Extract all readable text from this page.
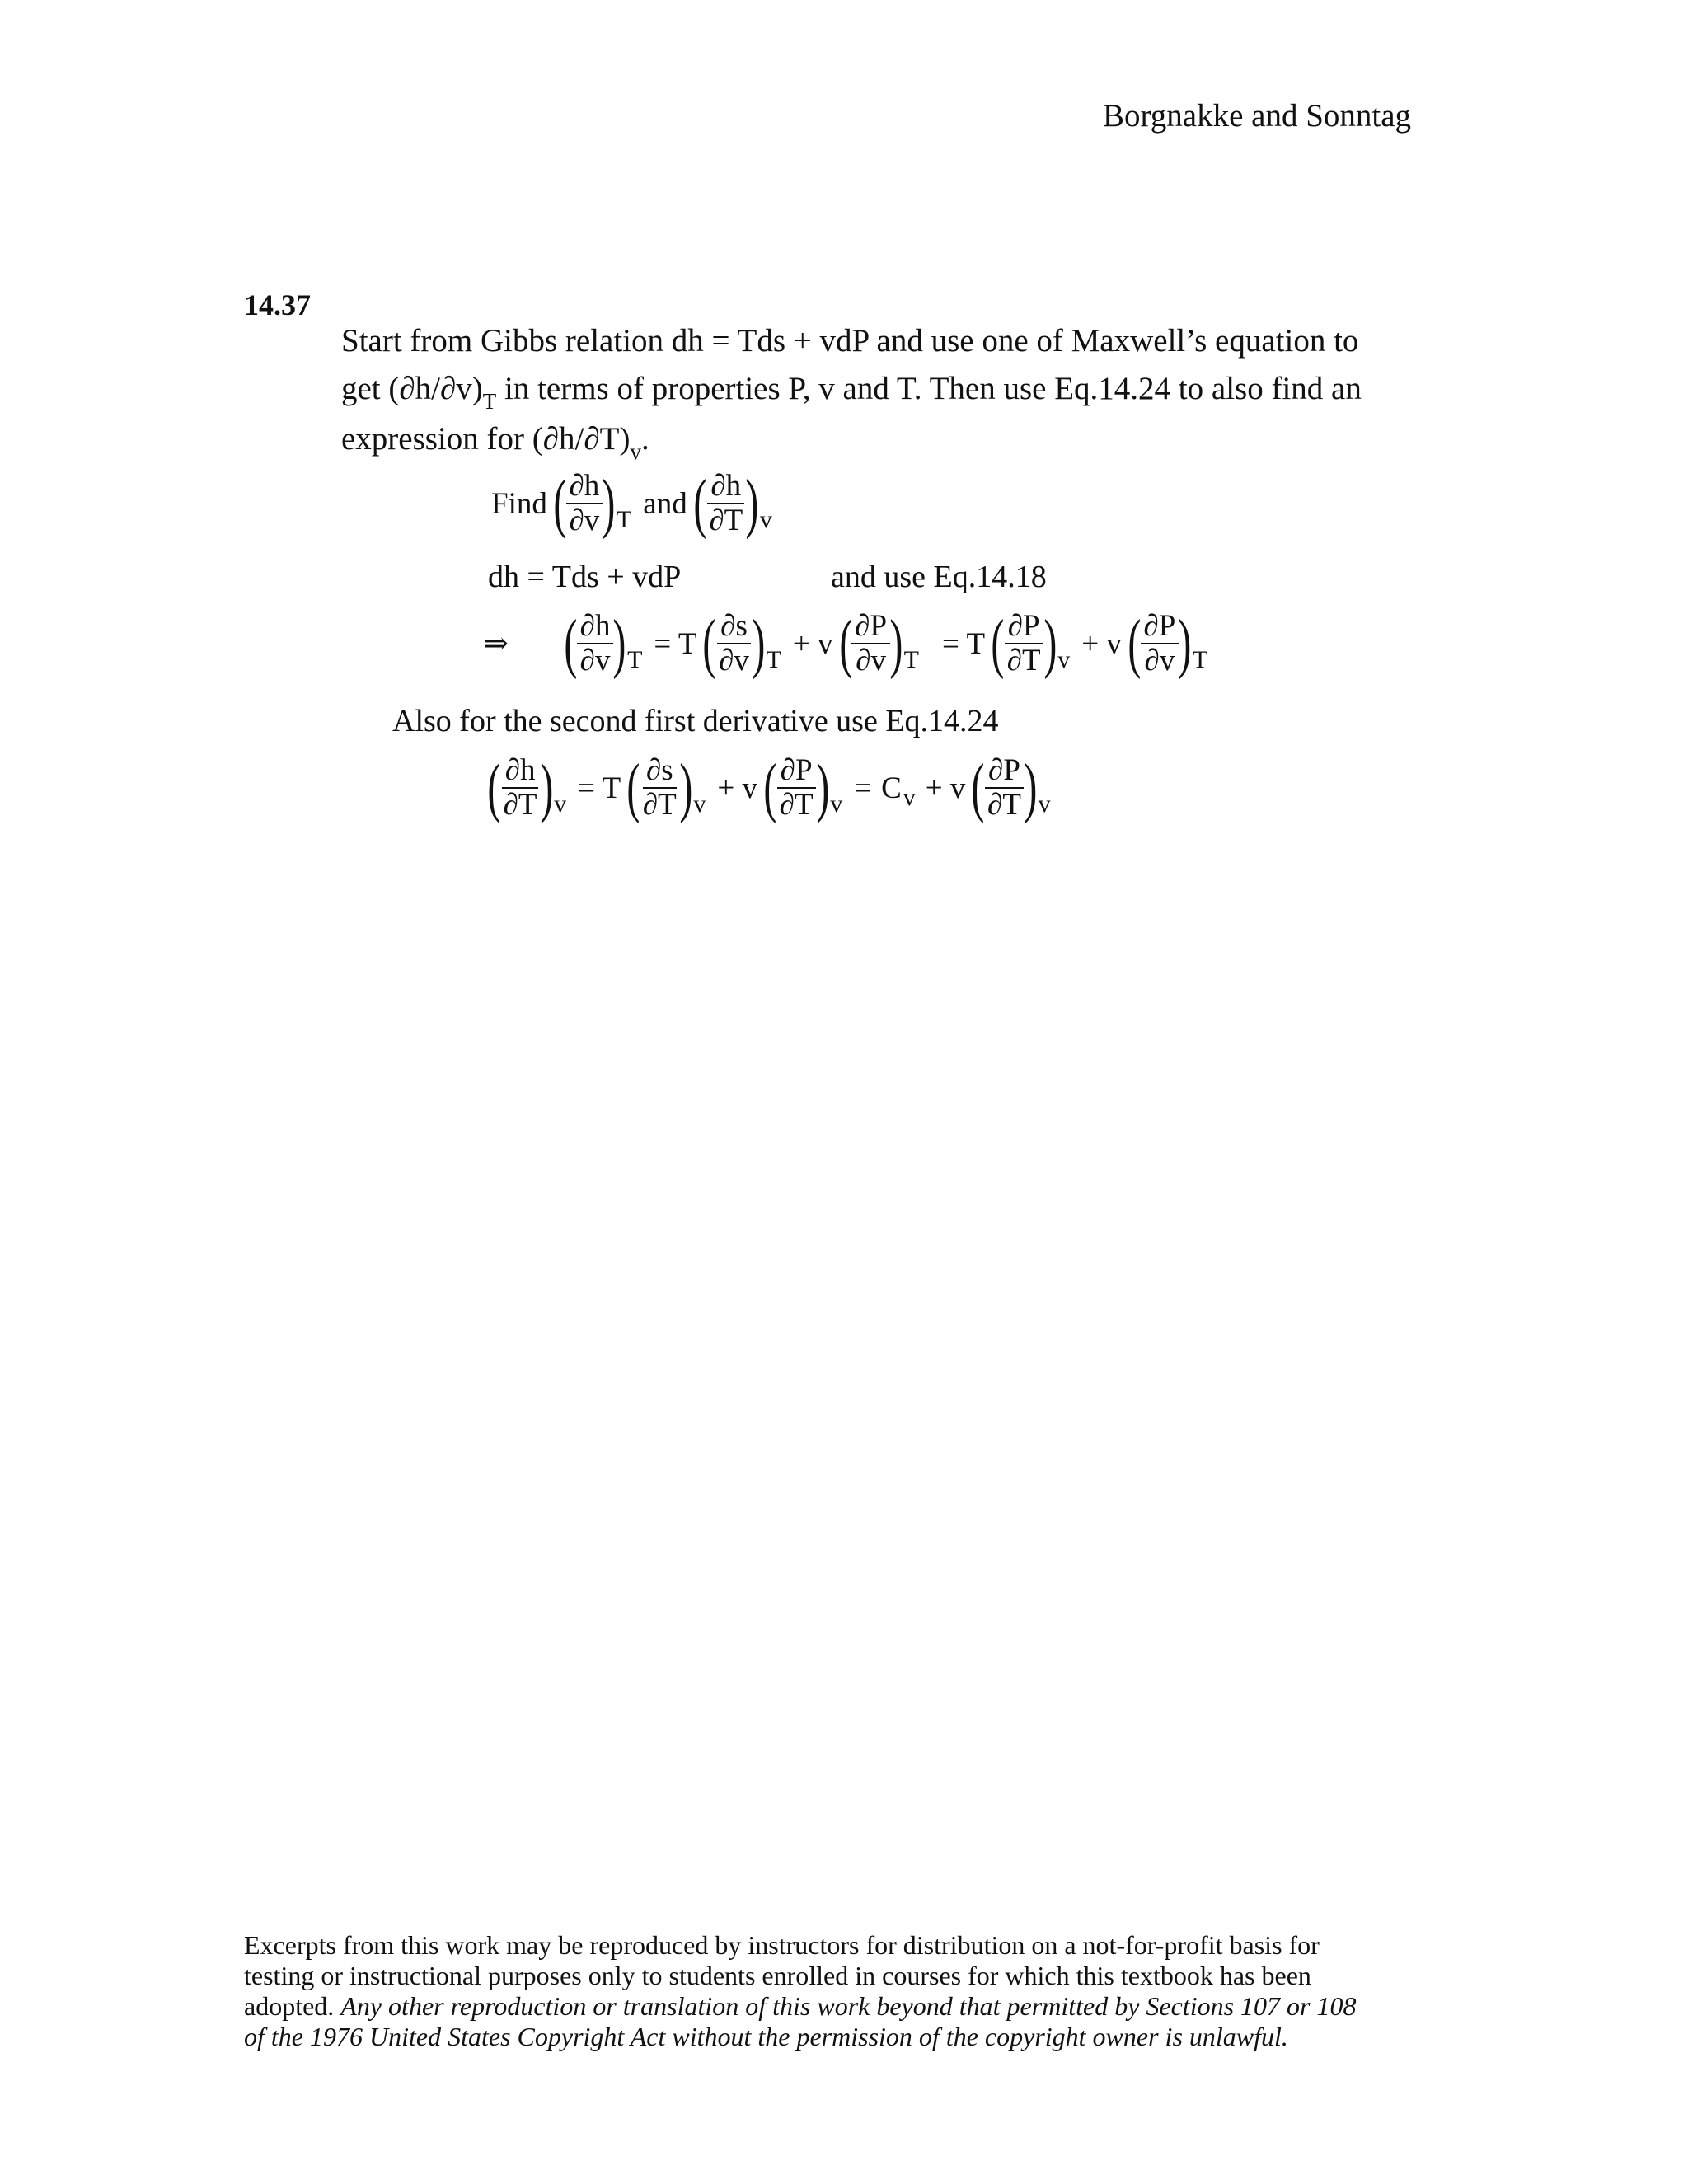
Borgnakke and Sonntag
14.37
Start from Gibbs relation dh = Tds + vdP and use one of Maxwell’s equation to
get $(\partial h/\partial v)_T$ in terms of properties P, v and T. Then use Eq.14.24 to also find an
expression for $(\partial h/\partial T)_v$.
Find ( ∂h
∂v ) T and ( ∂h
∂T ) v
dh = Tds + vdP	and use Eq.14.18
⇒ ( ∂h
∂v ) T = T ( ∂s
∂v ) T + v ( ∂P
∂v ) T = T ( ∂P
∂T ) v + v ( ∂P
∂v ) T
Also for the second first derivative use Eq.14.24
( ∂h
∂T ) v = T ( ∂s
∂T ) v + v ( ∂P
∂T ) v = C v + v ( ∂P
∂T ) v
Excerpts from this work may be reproduced by instructors for distribution on a not-for-profit basis for
testing or instructional purposes only to students enrolled in courses for which this textbook has been
adopted. Any other reproduction or translation of this work beyond that permitted by Sections 107 or 108
of the 1976 United States Copyright Act without the permission of the copyright owner is unlawful.
